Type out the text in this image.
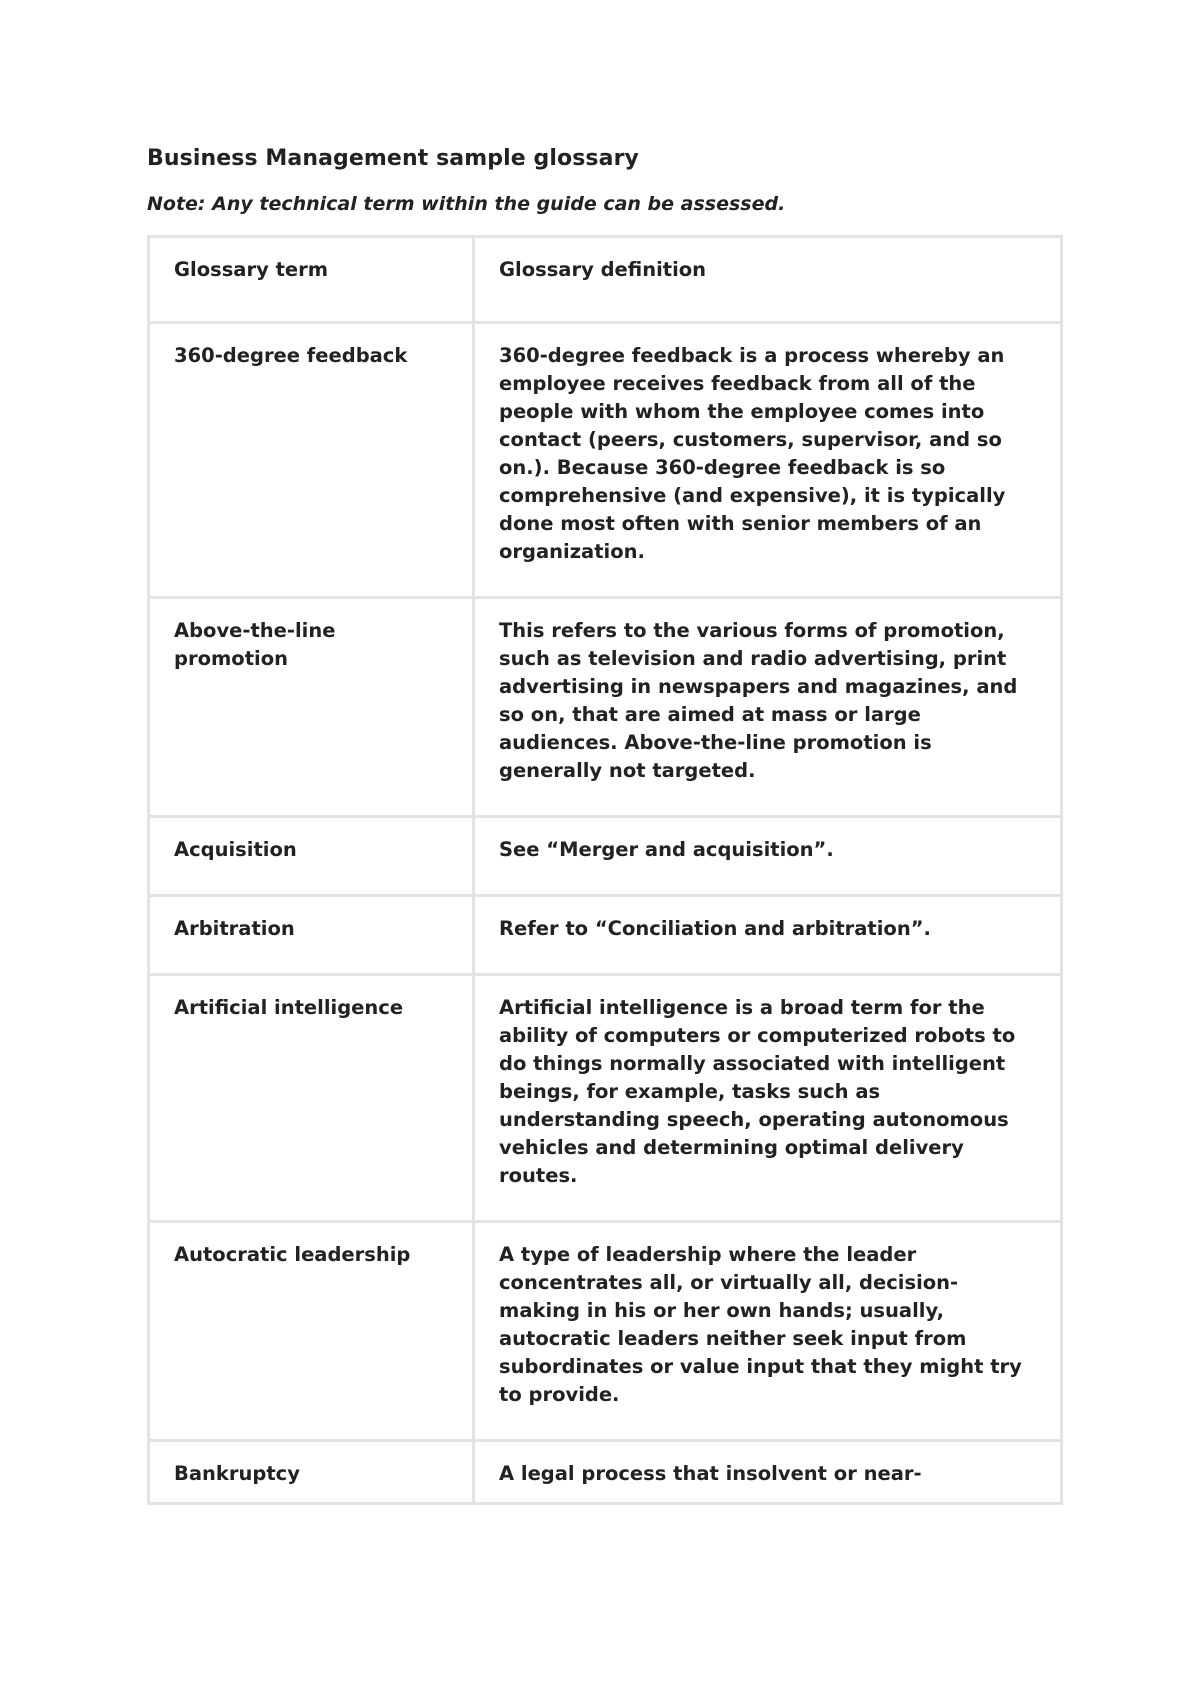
Business Management sample glossary

Note: Any technical term within the guide can be assessed.

Glossary term	Glossary definition
360-degree feedback	360-degree feedback is a process whereby an employee receives feedback from all of the people with whom the employee comes into contact (peers, customers, supervisor, and so on.). Because 360-degree feedback is so comprehensive (and expensive), it is typically done most often with senior members of an organization.
Above-the-line promotion	This refers to the various forms of promotion, such as television and radio advertising, print advertising in newspapers and magazines, and so on, that are aimed at mass or large audiences. Above-the-line promotion is generally not targeted.
Acquisition	See “Merger and acquisition”.
Arbitration	Refer to “Conciliation and arbitration”.
Artificial intelligence	Artificial intelligence is a broad term for the ability of computers or computerized robots to do things normally associated with intelligent beings, for example, tasks such as understanding speech, operating autonomous vehicles and determining optimal delivery routes.
Autocratic leadership	A type of leadership where the leader concentrates all, or virtually all, decision-making in his or her own hands; usually, autocratic leaders neither seek input from subordinates or value input that they might try to provide.
Bankruptcy	A legal process that insolvent or near-
